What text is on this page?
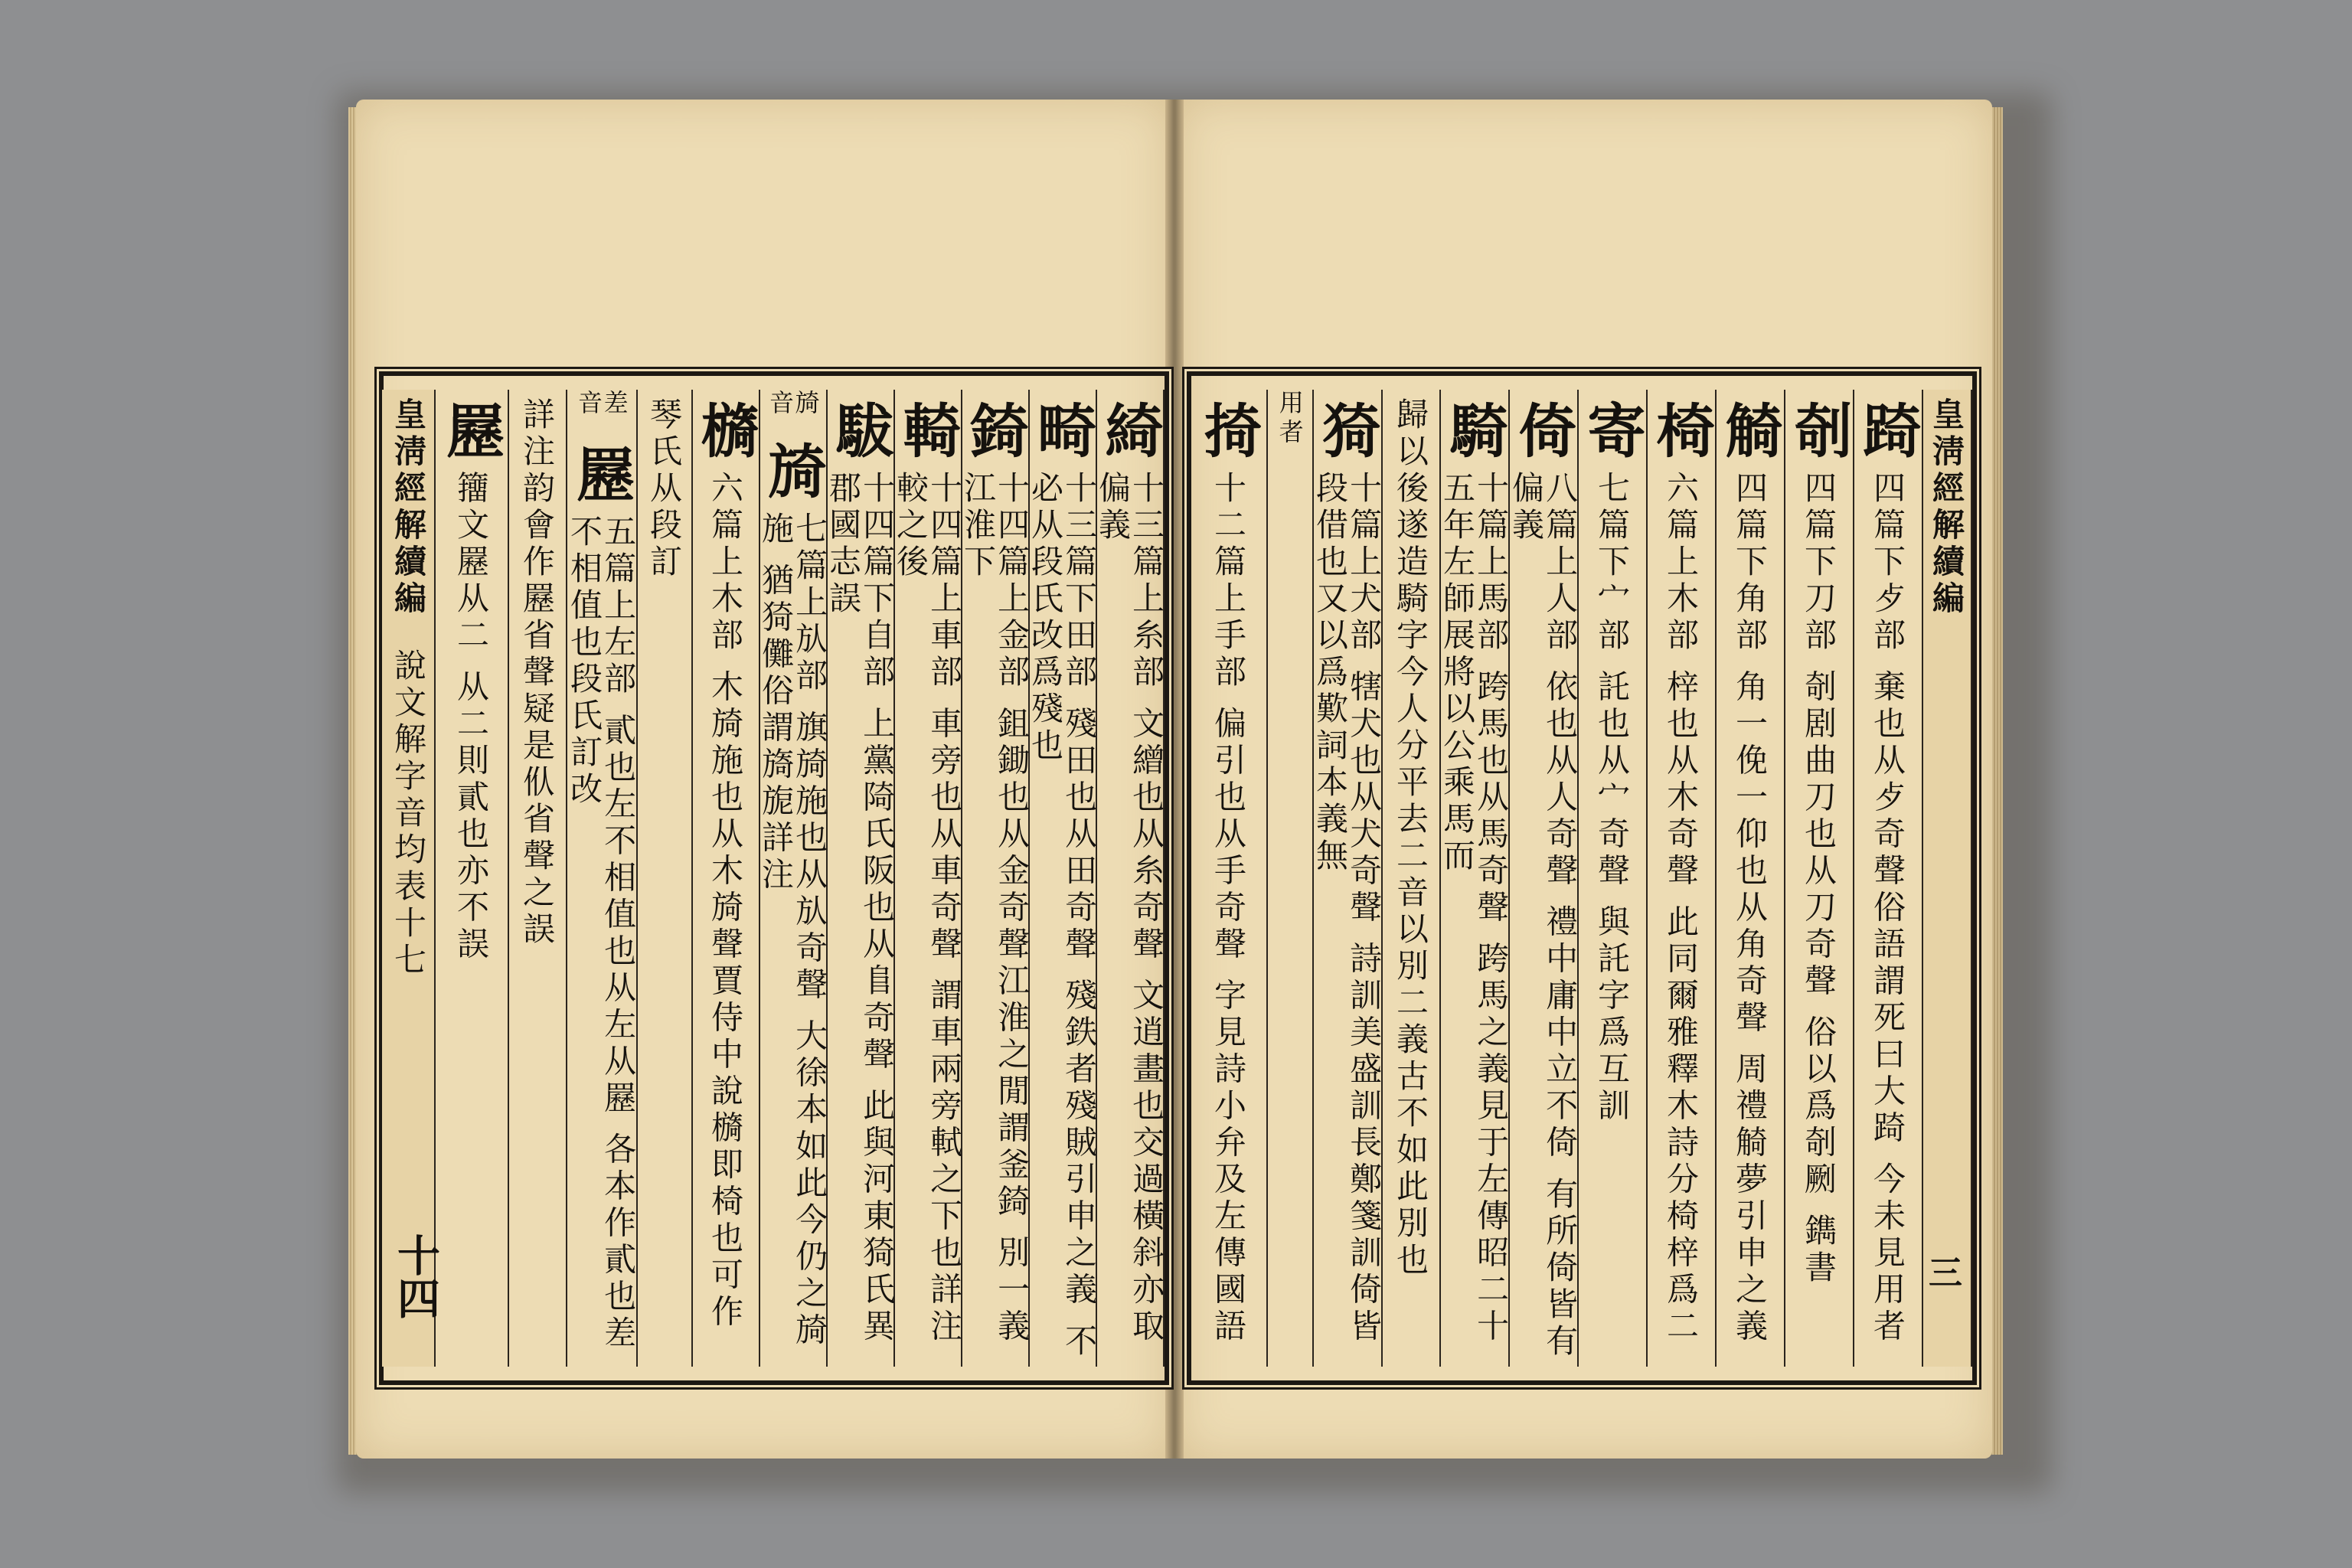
綺
十三篇上糸部 文繒也从糸奇聲 文逍畫也交過橫斜亦取偏義
畸
十三篇下田部 殘田也从田奇聲 殘鉄者殘賊引申之義 不必从段氏改爲殘也
錡
十四篇上金部 鉏鋤也从金奇聲江淮之閒謂釜錡 別一義 江淮下
輢
十四篇上車部 車旁也从車奇聲 謂車兩旁軾之下也詳注 較之後
䮂
十四篇下自部 上黨陭氏阪也从𨸏奇聲 此與河東猗氏異郡國志誤
旑音
旑
七篇上㫃部 旗旑施也从㫃奇聲 大徐本如此今仍之旑施 猶猗儺俗謂旖旎詳注
檹
六篇上木部 木旑施也从木旑聲賈侍中說檹即椅也可作
琴氏从段訂
差音
䍥
五篇上左部 貳也左不相值也从左从䍥 各本作貳也差不相值也段氏訂改
詳注韵會作䍥省聲疑是㐺省聲之誤
䍥
籒文䍥从二 从二則貳也亦不誤
皇淸經解續編
說文解字音均表十七
十四
皇淸經解續編
踦
四篇下歺部 棄也从歺奇聲俗語謂死曰大踦 今未見用者
剞
四篇下刀部 剞剧曲刀也从刀奇聲 俗以爲剞劂 鐫書
觭
四篇下角部 角一俛一仰也从角奇聲 周禮觭夢引申之義
椅
六篇上木部 梓也从木奇聲 此同爾雅釋木詩分椅梓爲二
寄
七篇下宀部 託也从宀奇聲 與託字爲互訓
倚
八篇上人部 依也从人奇聲 禮中庸中立不倚 有所倚皆有偏義
騎
十篇上馬部 跨馬也从馬奇聲 跨馬之義見于左傳昭二十五年左師展將以公乘馬而
歸以後遂造騎字今人分平去二音以別二義古不如此別也
猗
十篇上犬部 犗犬也从犬奇聲 詩訓美盛訓長鄭箋訓倚皆段借也又以爲歎詞本義無
用者
掎
十二篇上手部 偏引也从手奇聲 字見詩小弁及左傳國語	三
